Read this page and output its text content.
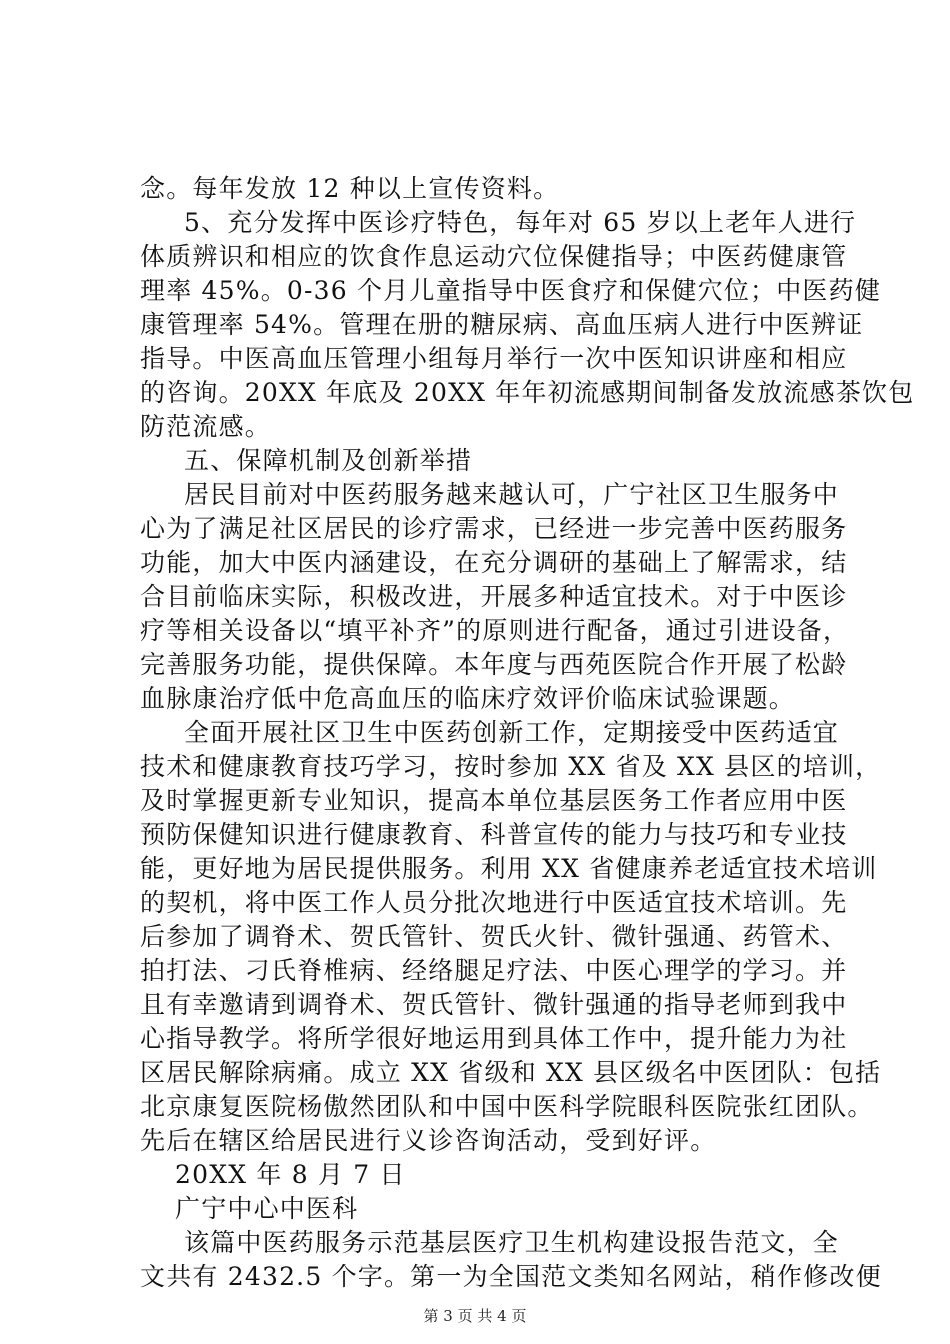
念。每年发放 12 种以上宣传资料。
5、充分发挥中医诊疗特色，每年对 65 岁以上老年人进行
体质辨识和相应的饮食作息运动穴位保健指导；中医药健康管
理率 45%。0-36 个月儿童指导中医食疗和保健穴位；中医药健
康管理率 54%。管理在册的糖尿病、高血压病人进行中医辨证
指导。中医高血压管理小组每月举行一次中医知识讲座和相应
的咨询。20XX 年底及 20XX 年年初流感期间制备发放流感茶饮包
防范流感。
五、保障机制及创新举措
居民目前对中医药服务越来越认可，广宁社区卫生服务中
心为了满足社区居民的诊疗需求，已经进一步完善中医药服务
功能，加大中医内涵建设，在充分调研的基础上了解需求，结
合目前临床实际，积极改进，开展多种适宜技术。对于中医诊
疗等相关设备以“填平补齐”的原则进行配备，通过引进设备，
完善服务功能，提供保障。本年度与西苑医院合作开展了松龄
血脉康治疗低中危高血压的临床疗效评价临床试验课题。
全面开展社区卫生中医药创新工作，定期接受中医药适宜
技术和健康教育技巧学习，按时参加 XX 省及 XX 县区的培训，
及时掌握更新专业知识，提高本单位基层医务工作者应用中医
预防保健知识进行健康教育、科普宣传的能力与技巧和专业技
能，更好地为居民提供服务。利用 XX 省健康养老适宜技术培训
的契机，将中医工作人员分批次地进行中医适宜技术培训。先
后参加了调脊术、贺氏管针、贺氏火针、微针强通、药管术、
拍打法、刁氏脊椎病、经络腿足疗法、中医心理学的学习。并
且有幸邀请到调脊术、贺氏管针、微针强通的指导老师到我中
心指导教学。将所学很好地运用到具体工作中，提升能力为社
区居民解除病痛。成立 XX 省级和 XX 县区级名中医团队：包括
北京康复医院杨傲然团队和中国中医科学院眼科医院张红团队。
先后在辖区给居民进行义诊咨询活动，受到好评。
20XX 年 8 月 7 日
广宁中心中医科
该篇中医药服务示范基层医疗卫生机构建设报告范文，全
文共有 2432.5 个字。第一为全国范文类知名网站，稍作修改便
第 3 页 共 4 页
